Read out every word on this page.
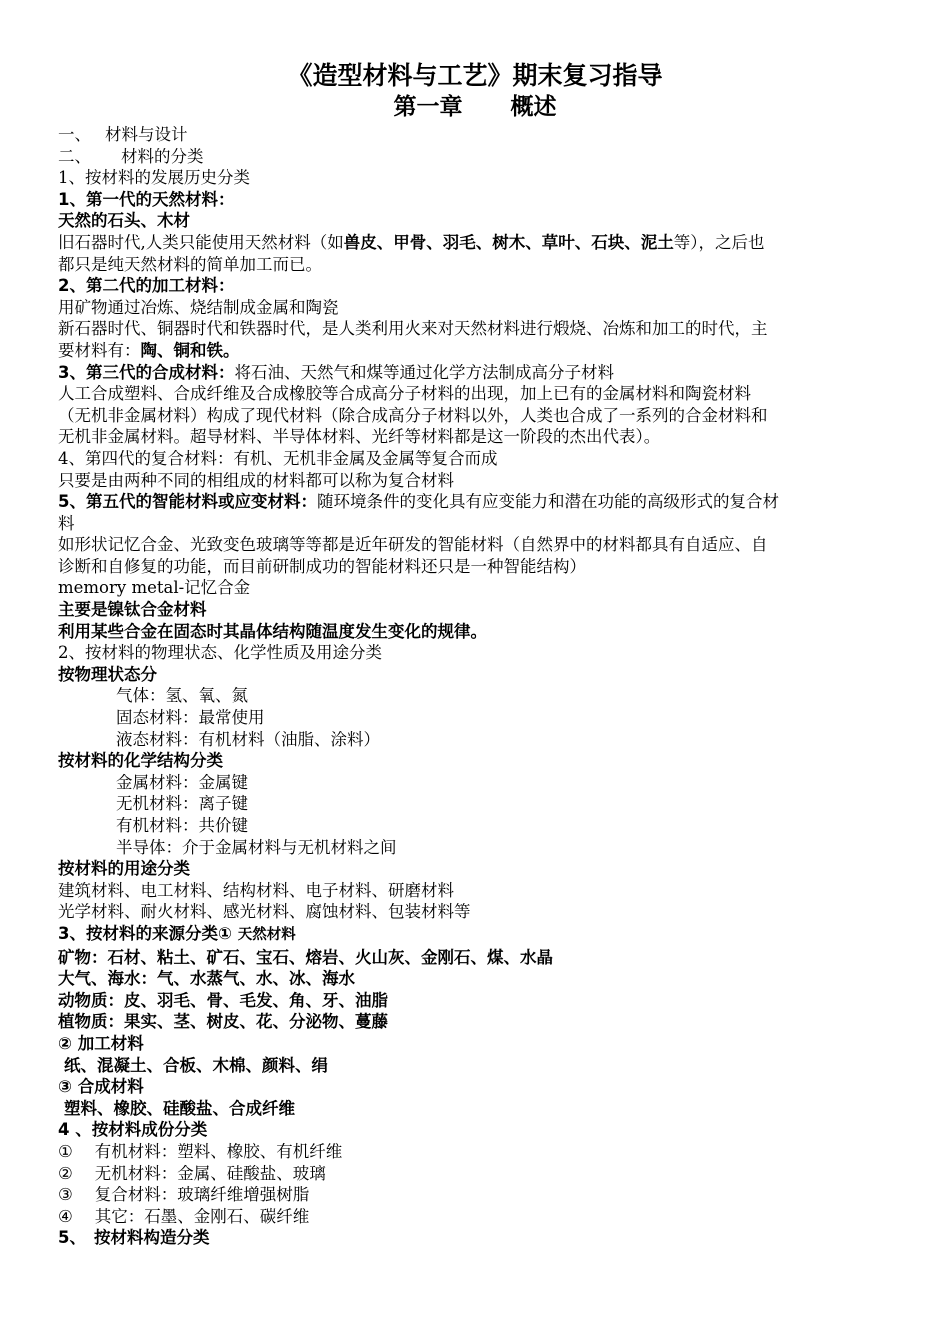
《造型材料与工艺》期末复习指导

第一章 概述

一、 材料与设计

二、 材料的分类

1、按材料的发展历史分类

1、第一代的天然材料：

天然的石头、木材

旧石器时代,人类只能使用天然材料（如兽皮、甲骨、羽毛、树木、草叶、石块、泥土等），之后也

都只是纯天然材料的简单加工而已。

2、第二代的加工材料：

用矿物通过冶炼、烧结制成金属和陶瓷

新石器时代、铜器时代和铁器时代，是人类利用火来对天然材料进行煅烧、冶炼和加工的时代，主

要材料有：陶、铜和铁。

3、第三代的合成材料：将石油、天然气和煤等通过化学方法制成高分子材料

人工合成塑料、合成纤维及合成橡胶等合成高分子材料的出现，加上已有的金属材料和陶瓷材料

（无机非金属材料）构成了现代材料（除合成高分子材料以外，人类也合成了一系列的合金材料和

无机非金属材料。超导材料、半导体材料、光纤等材料都是这一阶段的杰出代表）。

4、第四代的复合材料：有机、无机非金属及金属等复合而成

只要是由两种不同的相组成的材料都可以称为复合材料

5、第五代的智能材料或应变材料：随环境条件的变化具有应变能力和潜在功能的高级形式的复合材

料

如形状记忆合金、光致变色玻璃等等都是近年研发的智能材料（自然界中的材料都具有自适应、自

诊断和自修复的功能，而目前研制成功的智能材料还只是一种智能结构）

memory metal-记忆合金

主要是镍钛合金材料

利用某些合金在固态时其晶体结构随温度发生变化的规律。

2、按材料的物理状态、化学性质及用途分类

按物理状态分

气体：氢、氧、氮

固态材料：最常使用

液态材料：有机材料（油脂、涂料）

按材料的化学结构分类

金属材料：金属键

无机材料：离子键

有机材料：共价键

半导体：介于金属材料与无机材料之间

按材料的用途分类

建筑材料、电工材料、结构材料、电子材料、研磨材料

光学材料、耐火材料、感光材料、腐蚀材料、包装材料等

3、按材料的来源分类① 天然材料

矿物：石材、粘土、矿石、宝石、熔岩、火山灰、金刚石、煤、水晶

大气、海水：气、水蒸气、水、冰、海水

动物质：皮、羽毛、骨、毛发、角、牙、油脂

植物质：果实、茎、树皮、花、分泌物、蔓藤

② 加工材料

纸、混凝土、合板、木棉、颜料、绢

③ 合成材料

塑料、橡胶、硅酸盐、合成纤维

4 、按材料成份分类

① 有机材料：塑料、橡胶、有机纤维

② 无机材料：金属、硅酸盐、玻璃

③ 复合材料：玻璃纤维增强树脂

④ 其它：石墨、金刚石、碳纤维

5、 按材料构造分类
